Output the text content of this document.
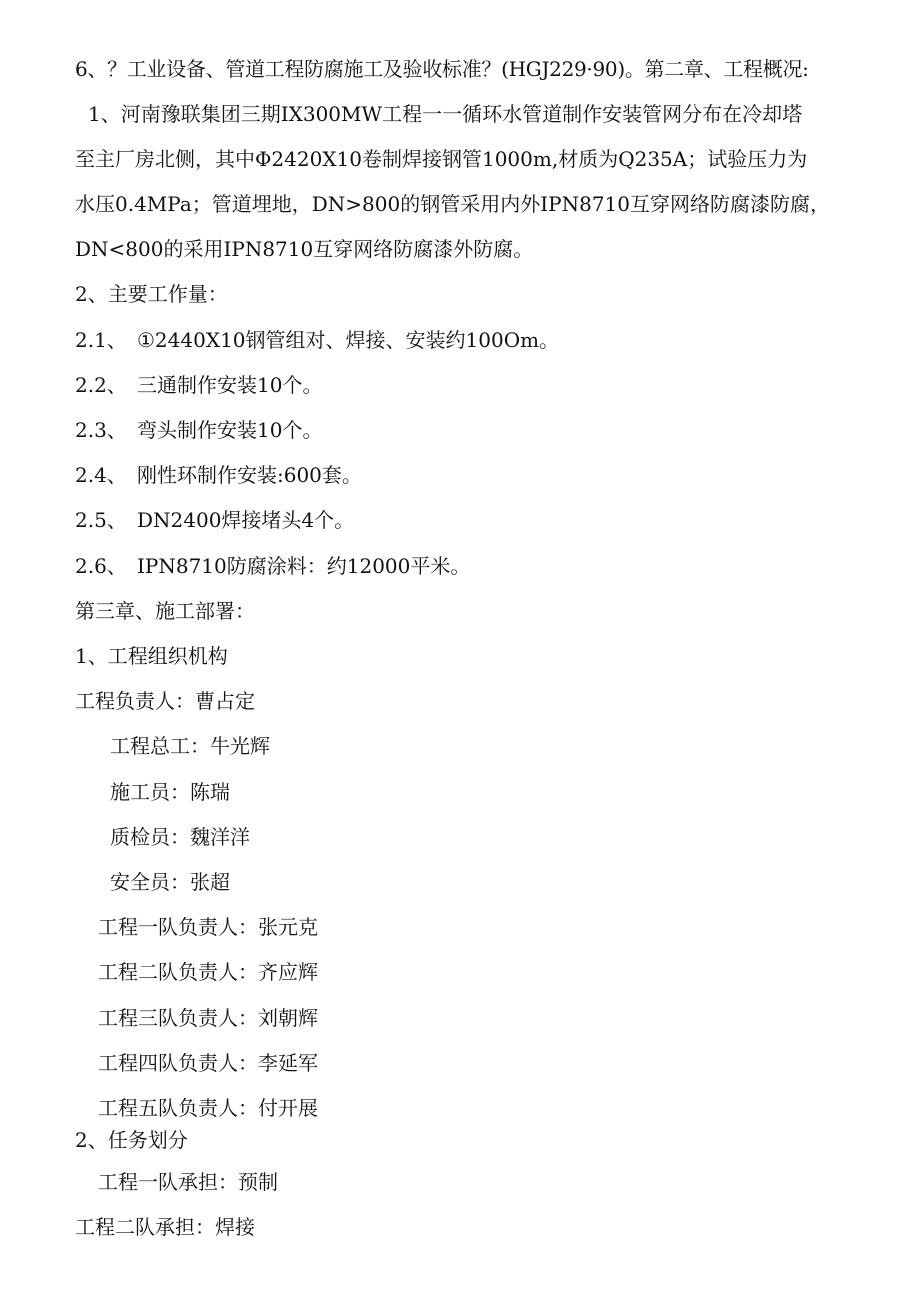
6、？工业设备、管道工程防腐施工及验收标准？(HGJ229·90)。第二章、工程概况:
1、河南豫联集团三期IX300MW工程一一循环水管道制作安装管网分布在冷却塔
至主厂房北侧，其中Φ2420X10卷制焊接钢管1000m,材质为Q235A；试验压力为
水压0.4MPa；管道埋地，DN>800的钢管采用内外IPN8710互穿网络防腐漆防腐，
DN<800的采用IPN8710互穿网络防腐漆外防腐。
2、主要工作量：
2.1、 ①2440X10钢管组对、焊接、安装约100Om。
2.2、 三通制作安装10个。
2.3、 弯头制作安装10个。
2.4、 刚性环制作安装:600套。
2.5、 DN2400焊接堵头4个。
2.6、 IPN8710防腐涂料：约12000平米。
第三章、施工部署：
1、工程组织机构
工程负责人：曹占定
工程总工：牛光辉
施工员：陈瑞
质检员：魏洋洋
安全员：张超
工程一队负责人：张元克
工程二队负责人：齐应辉
工程三队负责人：刘朝辉
工程四队负责人：李延军
工程五队负责人：付开展
2、任务划分
工程一队承担：预制
工程二队承担：焊接
